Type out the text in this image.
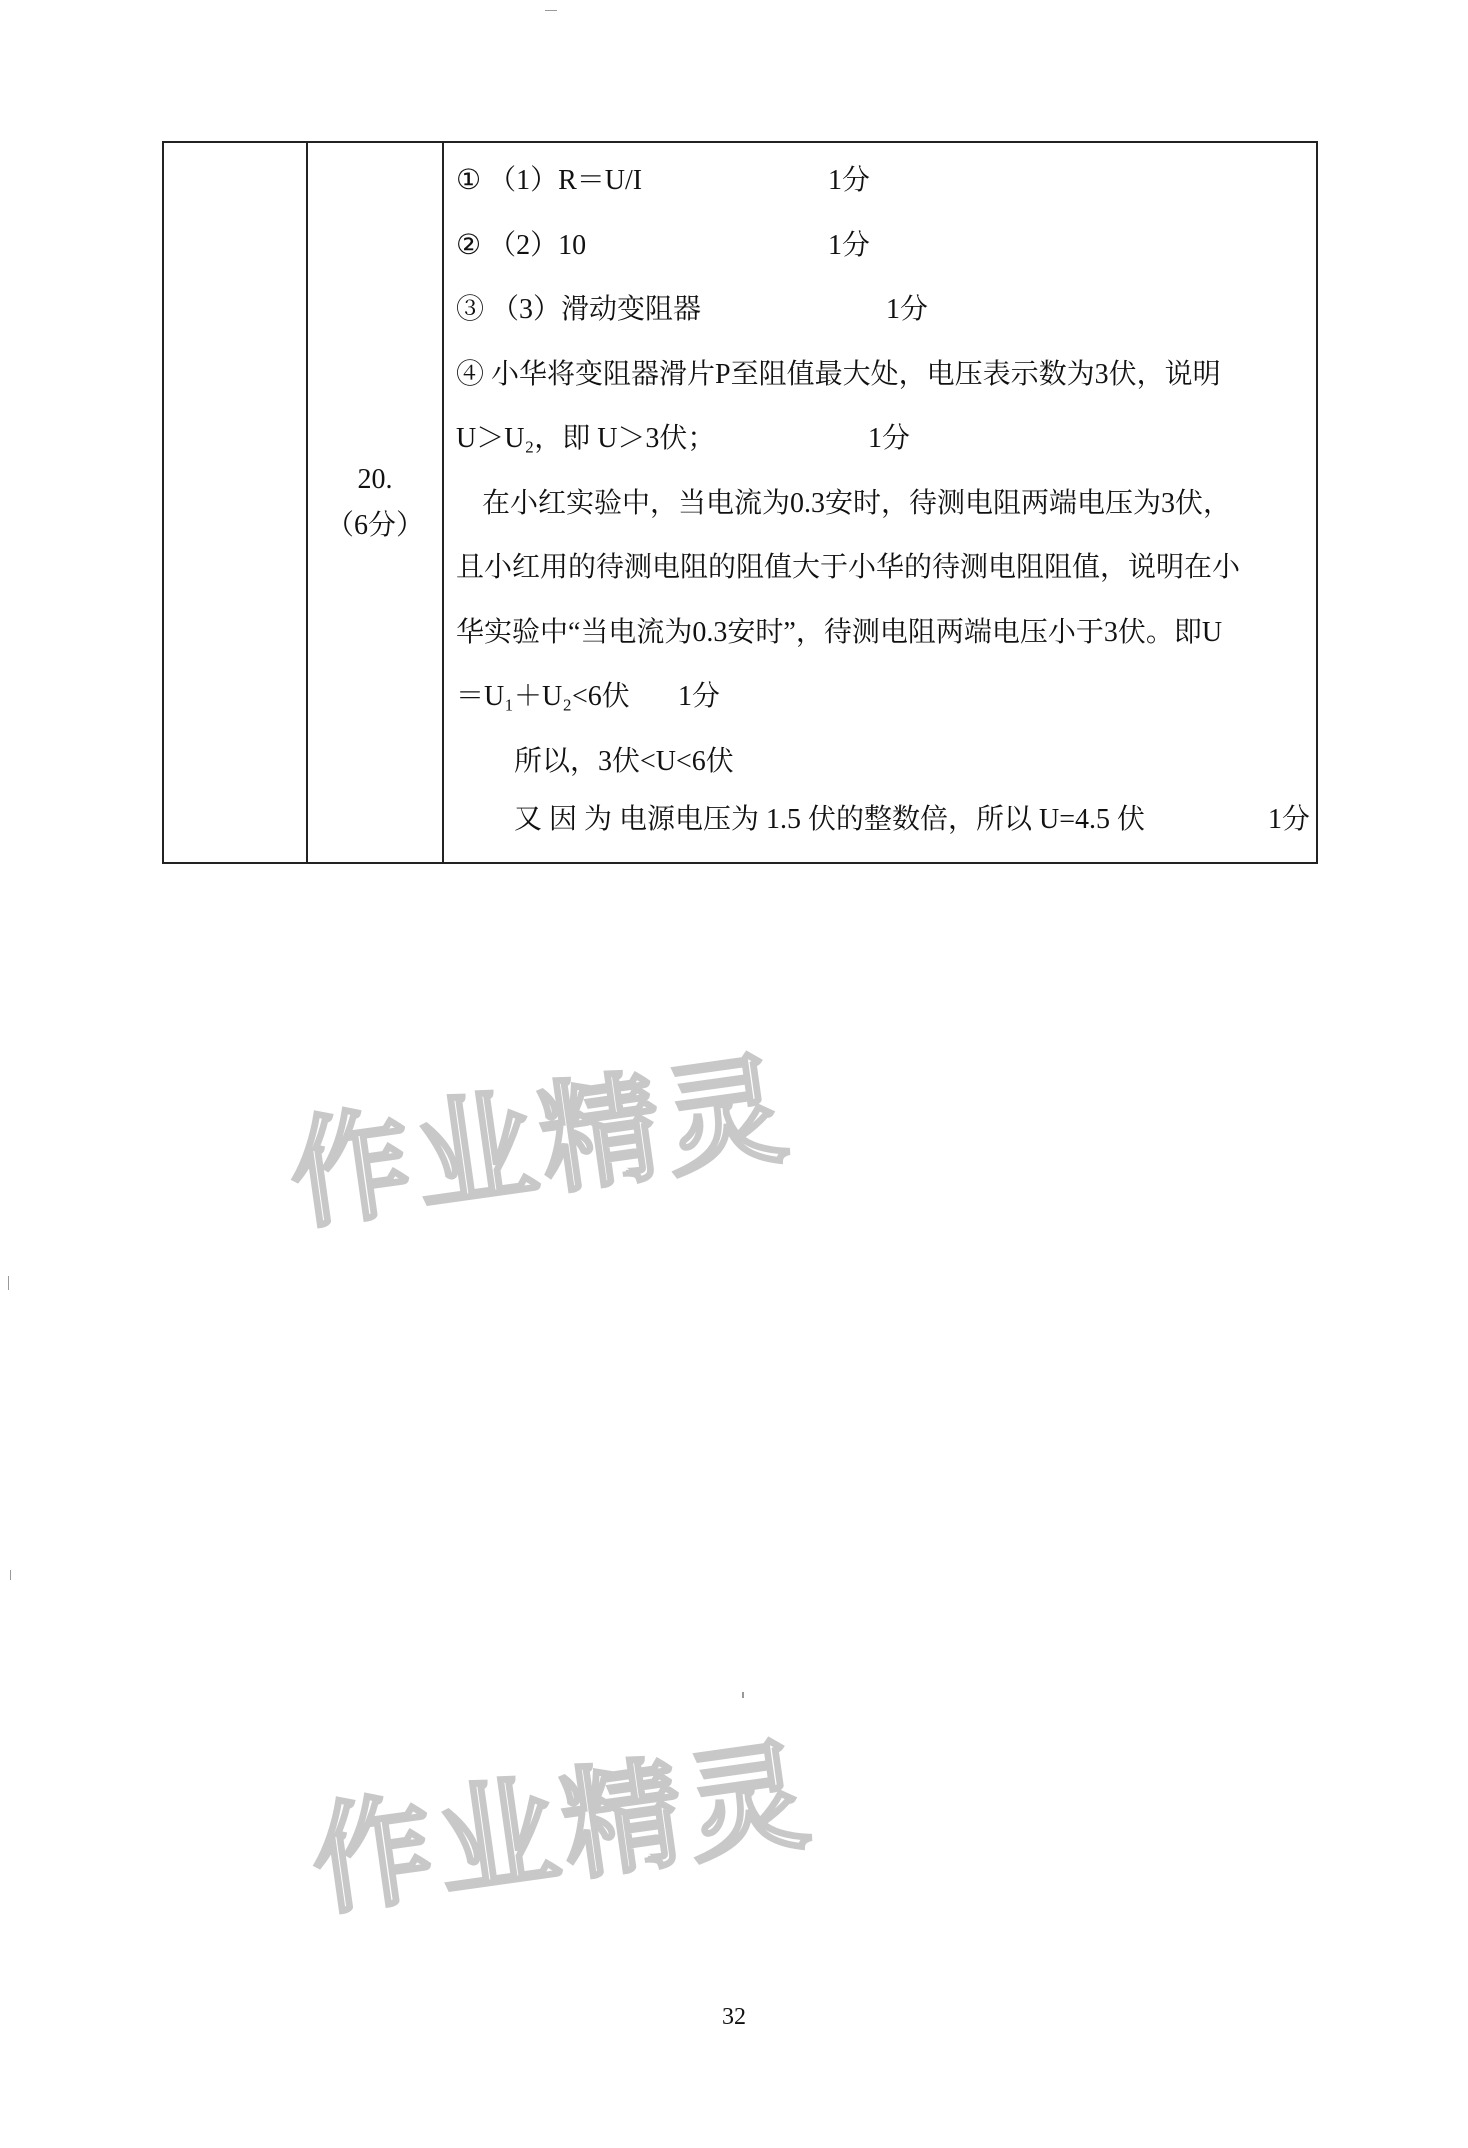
20.
（6分）

① （1）R＝U/I	1分
② （2）10	1分
③ （3）滑动变阻器	1分
④ 小华将变阻器滑片P至阻值最大处，电压表示数为3伏，说明
U＞U₂，即 U＞3伏；	1分
在小红实验中，当电流为0.3安时，待测电阻两端电压为3伏，
且小红用的待测电阻的阻值大于小华的待测电阻阻值，说明在小
华实验中“当电流为0.3安时”，待测电阻两端电压小于3伏。即U
＝U₁＋U₂<6伏 1分
所以，3伏<U<6伏
又 因 为 电源电压为 1.5 伏的整数倍，所以 U=4.5 伏	1分
作业精灵
作业精灵
32
